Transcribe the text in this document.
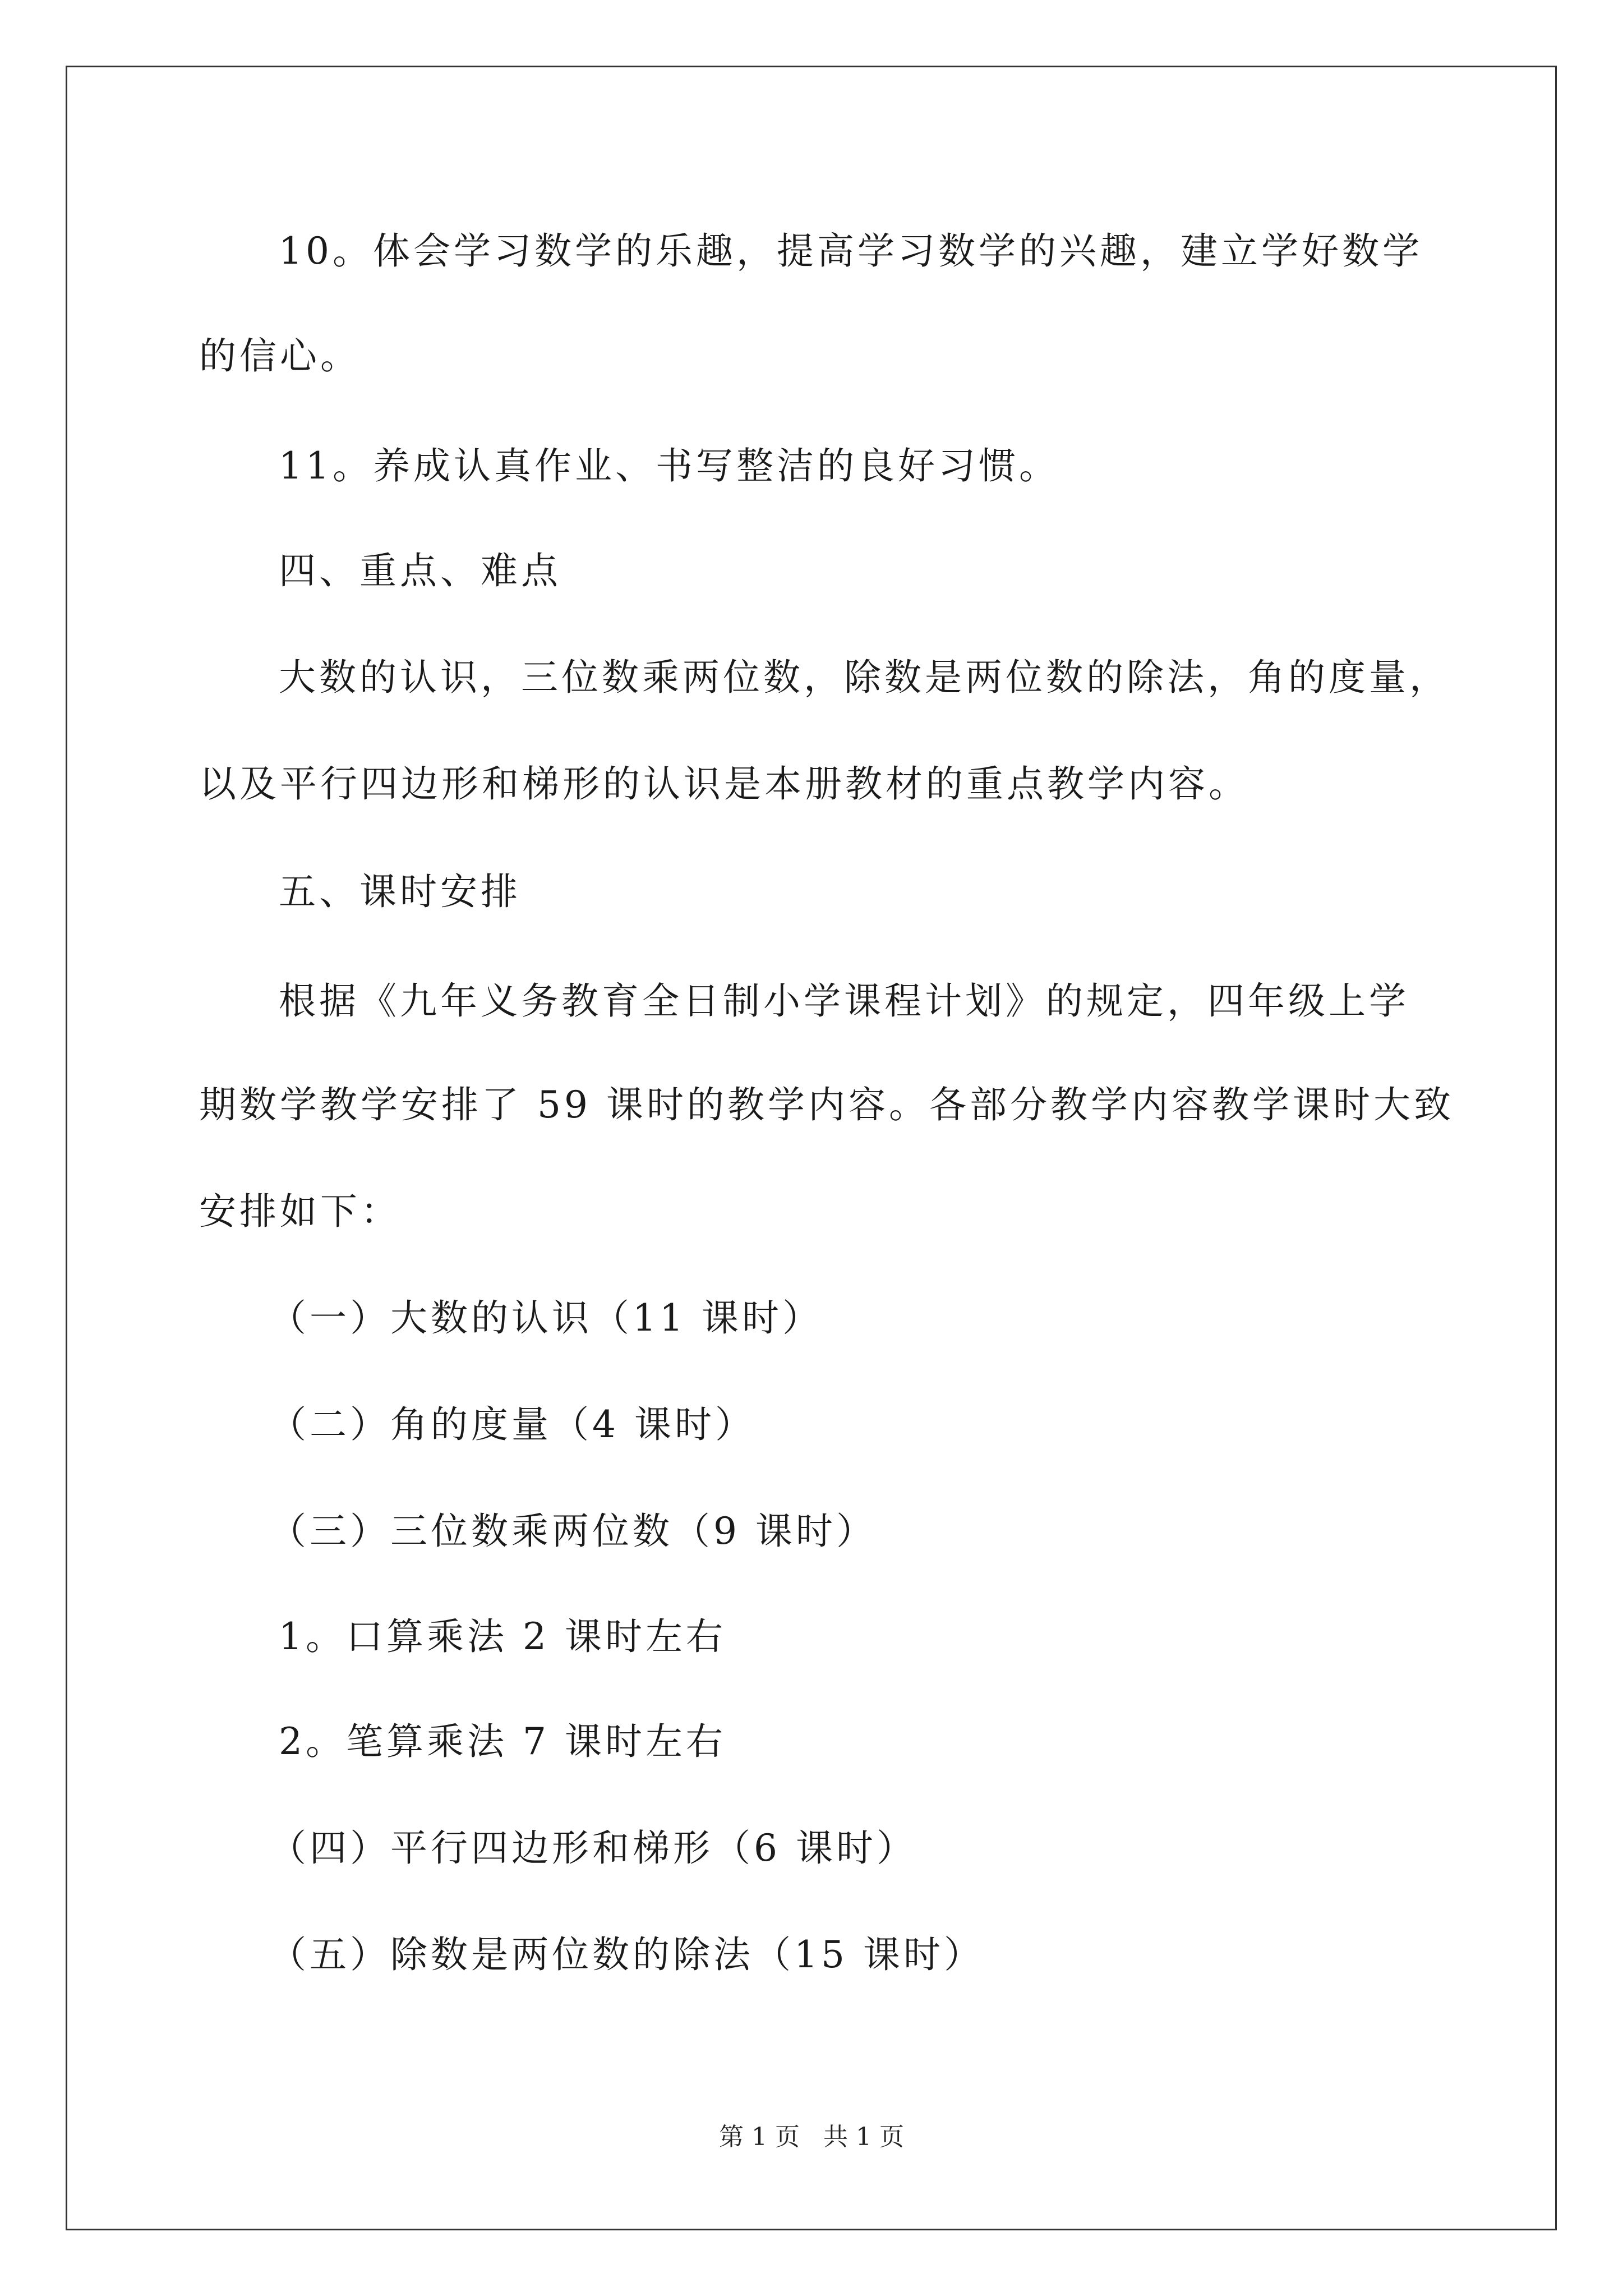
10。体会学习数学的乐趣，提高学习数学的兴趣，建立学好数学
的信心。
11。养成认真作业、书写整洁的良好习惯。
四、重点、难点
大数的认识，三位数乘两位数，除数是两位数的除法，角的度量，
以及平行四边形和梯形的认识是本册教材的重点教学内容。
五、课时安排
根据《九年义务教育全日制小学课程计划》的规定，四年级上学
期数学教学安排了 59 课时的教学内容。各部分教学内容教学课时大致
安排如下：
（一）大数的认识（11 课时）
（二）角的度量（4 课时）
（三）三位数乘两位数（9 课时）
1。口算乘法 2 课时左右
2。笔算乘法 7 课时左右
（四）平行四边形和梯形（6 课时）
（五）除数是两位数的除法（15 课时）
第 1 页   共 1 页
